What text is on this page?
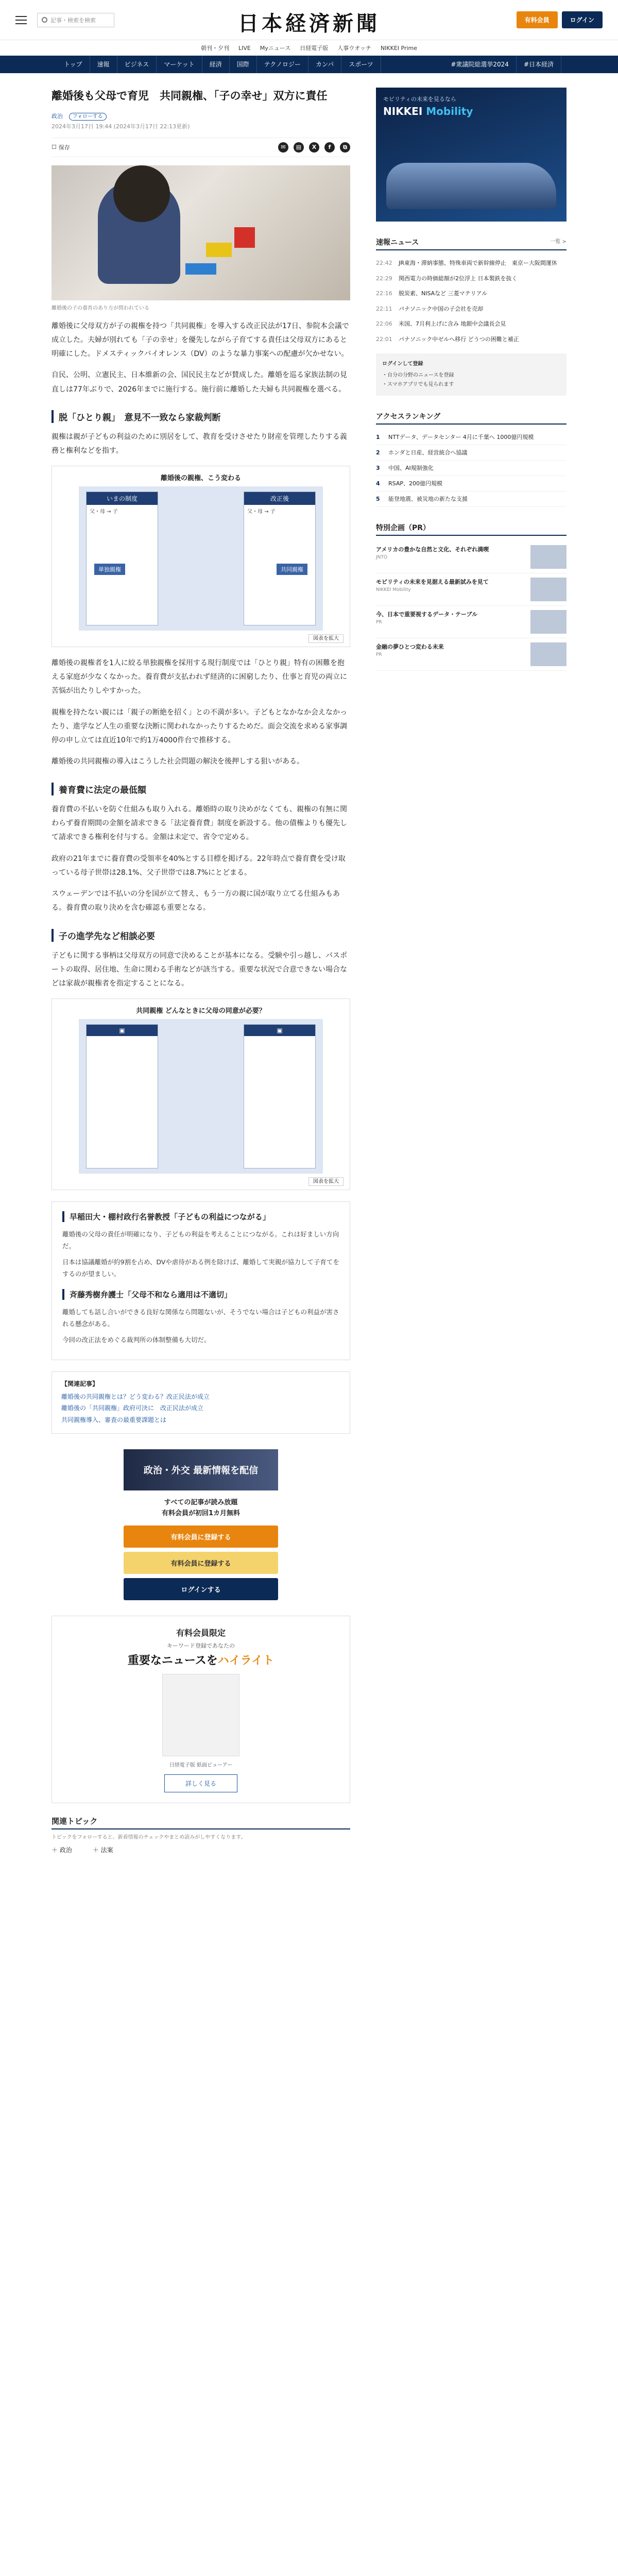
記事・検索を検索	日本経済新聞	有料会員	ログイン
朝刊・夕刊 LIVE Myニュース 日経電子版 人事ウオッチ NIKKEI Prime
トップ	速報	ビジネス	マーケット	経済	国際	テクノロジー	カンパ	スポーツ	#衆議院総選挙2024	#日本経済
離婚後も父母で育児　共同親権、「子の幸せ」双方に責任
政治 フォローする
2024年3月17日 19:44 (2024年3月17日 22:13更新)
☐ 保存	✉	▤	X	f	⧉
離婚後の子の養育のあり方が問われている

離婚後に父母双方が子の親権を持つ「共同親権」を導入する改正民法が17日、参院本会議で成立した。夫婦が別れても「子の幸せ」を優先しながら子育てする責任は父母双方にあると明確にした。ドメスティックバイオレンス（DV）のような暴力事案への配慮が欠かせない。

自民、公明、立憲民主、日本維新の会、国民民主などが賛成した。離婚を巡る家族法制の見直しは77年ぶりで、2026年までに施行する。施行前に離婚した夫婦も共同親権を選べる。

脱「ひとり親」　意見不一致なら家裁判断

親権は親が子どもの利益のために別居をして、教育を受けさせたり財産を管理したりする義務と権利などを指す。

離婚後の親権、こう変わる
いまの制度
父・母 → 子
改正後
父・母 → 子
単独親権	共同親権
図表を拡大

離婚後の親権者を1人に絞る単独親権を採用する現行制度では「ひとり親」特有の困難を抱える家庭が少なくなかった。養育費が支払われず経済的に困窮したり、仕事と育児の両立に苦悩が出たりしやすかった。

親権を持たない親には「親子の断絶を招く」との不満が多い。子どもとなかなか会えなかったり、進学など人生の重要な決断に関われなかったりするためだ。面会交流を求める家事調停の申し立ては直近10年で約1万4000件台で推移する。

離婚後の共同親権の導入はこうした社会問題の解決を後押しする狙いがある。

養育費に法定の最低額

養育費の不払いを防ぐ仕組みも取り入れる。離婚時の取り決めがなくても、親権の有無に関わらず養育期間の金額を請求できる「法定養育費」制度を新設する。他の債権よりも優先して請求できる権利を付与する。金額は未定で、省令で定める。

政府の21年までに養育費の受領率を40%とする目標を掲げる。22年時点で養育費を受け取っている母子世帯は28.1%、父子世帯では8.7%にとどまる。

スウェーデンでは不払いの分を国が立て替え、もう一方の親に国が取り立てる仕組みもある。養育費の取り決めを含む確認も重要となる。

子の進学先など相談必要

子どもに関する事柄は父母双方の同意で決めることが基本になる。受験や引っ越し、パスポートの取得、居住地、生命に関わる手術などが該当する。重要な状況で合意できない場合などは家裁が親権者を指定することになる。

共同親権 どんなときに父母の同意が必要？
▣	▣
図表を拡大
早稲田大・棚村政行名誉教授「子どもの利益につながる」

離婚後の父母の責任が明確になり、子どもの利益を考えることにつながる。これは好ましい方向だ。

日本は協議離婚が約9割を占め、DVや虐待がある例を除けば、離婚して実親が協力して子育てをするのが望ましい。

斉藤秀樹弁護士「父母不和なら適用は不適切」

離婚しても話し合いができる良好な関係なら問題ないが、そうでない場合は子どもの利益が害される懸念がある。

今回の改正法をめぐる裁判所の体制整備も大切だ。

【関連記事】
離婚後の共同親権とは？どう変わる？改正民法が成立
離婚後の「共同親権」政府可決に　改正民法が成立
共同親権導入、審査の最重要課題とは
政治・外交 最新情報を配信
すべての記事が読み放題
有料会員が初回1カ月無料
有料会員に登録する
有料会員に登録する
ログインする
有料会員限定
キーワード登録であなたの
重要なニュースをハイライト
日経電子版 紙面ビューアー
詳しく見る
関連トピック
トピックをフォローすると、新着情報のチェックやまとめ読みがしやすくなります。
＋ 政治	＋ 法案
モビリティの未来を見るなら
NIKKEI Mobility
速報ニュース	一覧 >
22:42 JR東海・滞納事態、特殊車両で新幹線停止　東京ー大阪間運休
22:29 関西電力の時価総額が2位浮上 日本製鉄を抜く
22:16 脱炭素、NISAなど 三菱マテリアル
22:11 パナソニック中国の子会社を売却
22:06 米国、7月利上げに含み 地銀中会議長会見
22:01 パナソニック中ゼルへ移行 どうつの困難と補正
ログインして登録
・自分の分野のニュースを登録
・スマホアプリでも見られます
アクセスランキング
1	NTTデータ、データセンター 4月に千葉へ 1000億円規模
2	ホンダと日産、経営統合へ協議
3	中国、AI規制強化
4	RSAP、200億円規模
5	能登地震、被災地の新たな支援
特別企画（PR）
アメリカの豊かな自然と文化、それぞれ満喫
JNTO
モビリティの未来を見据える最新試みを見て
NIKKEI Mobility
今、日本で重要視するデータ・テーブル
PR
金融の夢ひとつ変わる未来
PR
